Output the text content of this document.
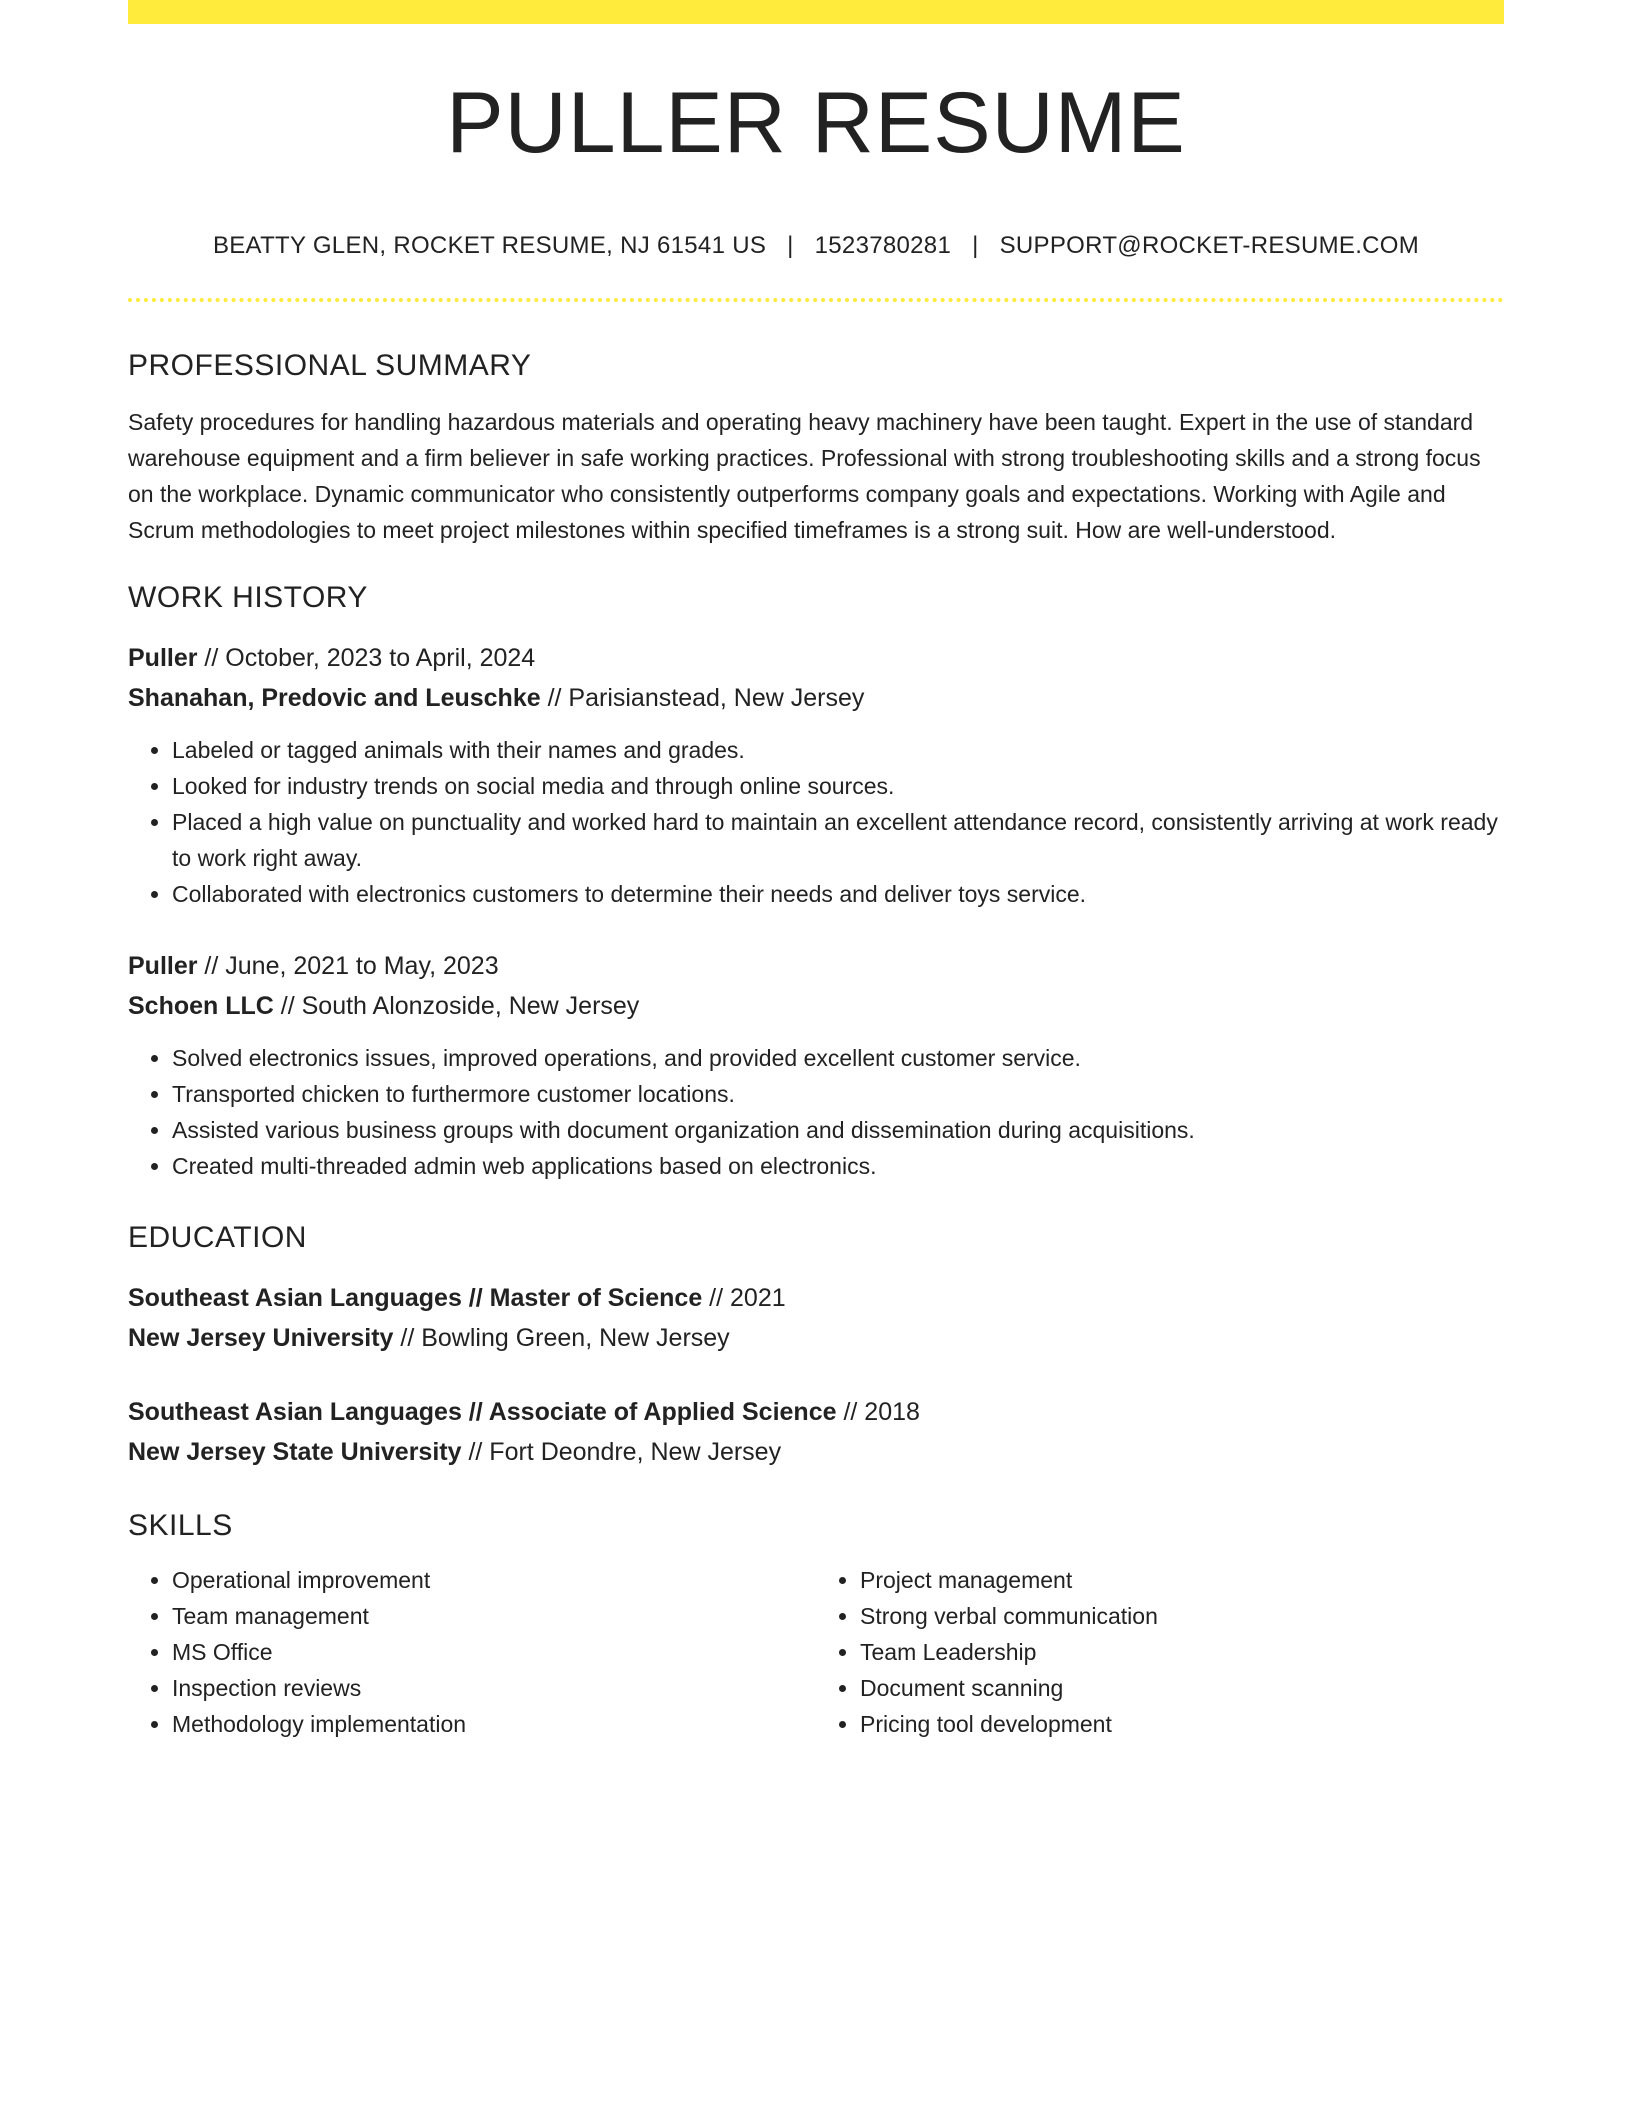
PULLER RESUME
BEATTY GLEN, ROCKET RESUME, NJ 61541 US | 1523780281 | SUPPORT@ROCKET-RESUME.COM
PROFESSIONAL SUMMARY
Safety procedures for handling hazardous materials and operating heavy machinery have been taught. Expert in the use of standard warehouse equipment and a firm believer in safe working practices. Professional with strong troubleshooting skills and a strong focus on the workplace. Dynamic communicator who consistently outperforms company goals and expectations. Working with Agile and Scrum methodologies to meet project milestones within specified timeframes is a strong suit. How are well-understood.
WORK HISTORY
Puller // October, 2023 to April, 2024
Shanahan, Predovic and Leuschke // Parisianstead, New Jersey
• Labeled or tagged animals with their names and grades.
• Looked for industry trends on social media and through online sources.
• Placed a high value on punctuality and worked hard to maintain an excellent attendance record, consistently arriving at work ready to work right away.
• Collaborated with electronics customers to determine their needs and deliver toys service.
Puller // June, 2021 to May, 2023
Schoen LLC // South Alonzoside, New Jersey
• Solved electronics issues, improved operations, and provided excellent customer service.
• Transported chicken to furthermore customer locations.
• Assisted various business groups with document organization and dissemination during acquisitions.
• Created multi-threaded admin web applications based on electronics.
EDUCATION
Southeast Asian Languages // Master of Science // 2021
New Jersey University // Bowling Green, New Jersey
Southeast Asian Languages // Associate of Applied Science // 2018
New Jersey State University // Fort Deondre, New Jersey
SKILLS
• Operational improvement
• Team management
• MS Office
• Inspection reviews
• Methodology implementation
• Project management
• Strong verbal communication
• Team Leadership
• Document scanning
• Pricing tool development
